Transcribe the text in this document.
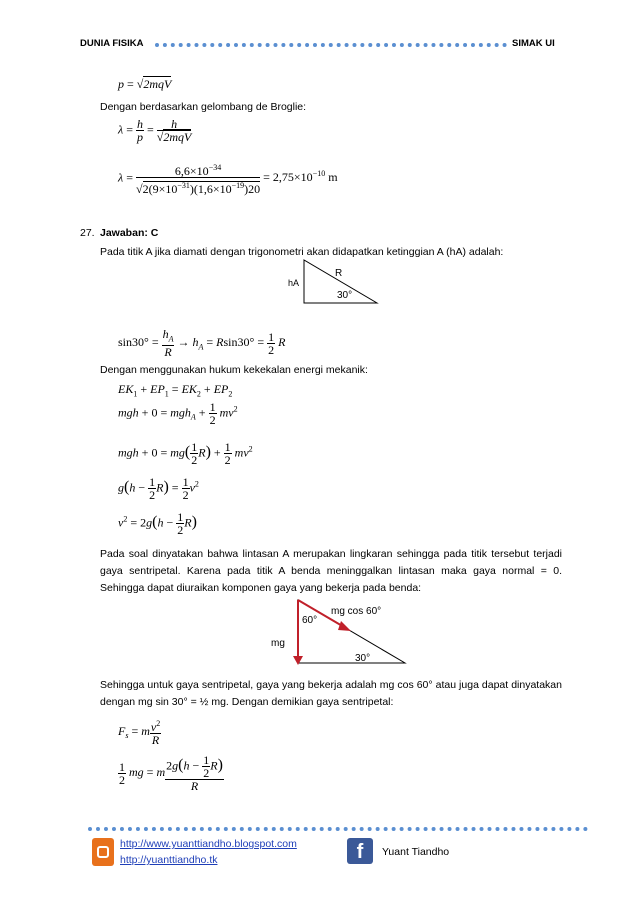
DUNIA FISIKA	SIMAK UI
p = √2mqV
Dengan berdasarkan gelombang de Broglie:
$\lambda = \frac{h}{p} = \frac{h}{\text{√2mqV}}$
$\lambda = \frac{6,6\times 10^{-34}}{√2(9\times 10^{-31})(1,6\times 10^{-19})20} = 2,75\times 10^{-10}$ m
27. Jawaban: C
Pada titik A jika diamati dengan trigonometri akan didapatkan ketinggian A (hA) adalah:
hA
R
30°
$\sin 30^\circ = \frac{h_A}{R} \to h_A = Rsin30^\circ = \frac{1}{2}$ R
Dengan menggunakan hukum kekekalan energi mekanik:
$EK_1 + EP_1 = EK_2 + EP_2$
mgh + $0 = mgh_A + \frac{1}{2} mv^2$
mgh + $0 = mg( \frac{1}{2} R) + \frac{1}{2} mv^2$
$g(h - \frac{1}{2} R) = \frac{1}{2} v^2$
$v^2 = 2g(h - \frac{1}{2} R)$
Pada soal dinyatakan bahwa lintasan A merupakan lingkaran sehingga pada titik tersebut terjadi gaya sentripetal. Karena pada titik A benda meninggalkan lintasan maka gaya normal = 0. Sehingga dapat diuraikan komponen gaya yang bekerja pada benda:
60°
mg cos 60°
mg
30°
Sehingga untuk gaya sentripetal, gaya yang bekerja adalah mg cos 60° atau juga dapat dinyatakan dengan mg sin 30° = ½ mg. Dengan demikian gaya sentripetal:
$F_s = m \frac{v^2}{R}$
$\frac{1}{2}$ mg = m $\frac{2g(h - \frac{1}{2} R)}{R}$
http://www.yuanttiandho.blogspot.com
http://yuanttiandho.tk	f	Yuant Tiandho
